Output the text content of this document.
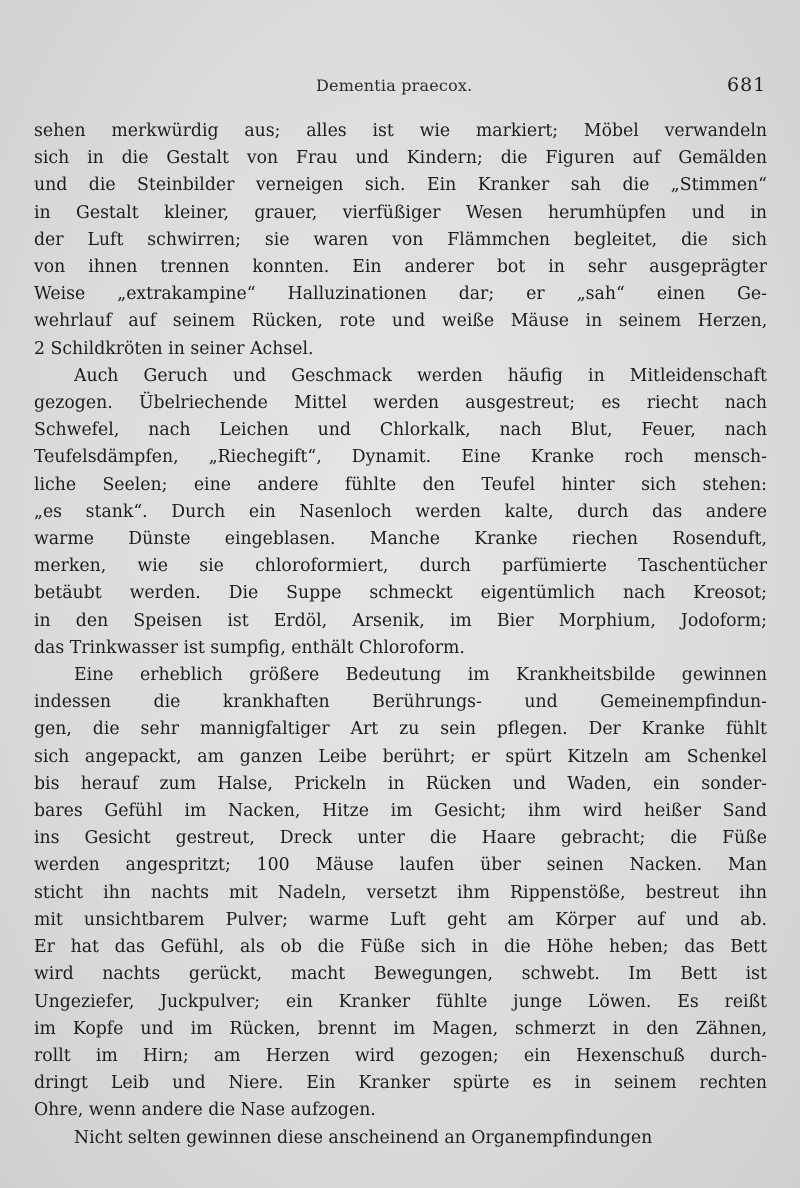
Dementia praecox.	681

sehen merkwürdig aus; alles ist wie markiert; Möbel verwandeln
sich in die Gestalt von Frau und Kindern; die Figuren auf Gemälden
und die Steinbilder verneigen sich. Ein Kranker sah die „Stimmen“
in Gestalt kleiner, grauer, vierfüßiger Wesen herumhüpfen und in
der Luft schwirren; sie waren von Flämmchen begleitet, die sich
von ihnen trennen konnten. Ein anderer bot in sehr ausgeprägter
Weise „extrakampine“ Halluzinationen dar; er „sah“ einen Ge-
wehrlauf auf seinem Rücken, rote und weiße Mäuse in seinem Herzen,
2 Schildkröten in seiner Achsel.

Auch Geruch und Geschmack werden häufig in Mitleidenschaft
gezogen. Übelriechende Mittel werden ausgestreut; es riecht nach
Schwefel, nach Leichen und Chlorkalk, nach Blut, Feuer, nach
Teufelsdämpfen, „Riechegift“, Dynamit. Eine Kranke roch mensch-
liche Seelen; eine andere fühlte den Teufel hinter sich stehen:
„es stank“. Durch ein Nasenloch werden kalte, durch das andere
warme Dünste eingeblasen. Manche Kranke riechen Rosenduft,
merken, wie sie chloroformiert, durch parfümierte Taschentücher
betäubt werden. Die Suppe schmeckt eigentümlich nach Kreosot;
in den Speisen ist Erdöl, Arsenik, im Bier Morphium, Jodoform;
das Trinkwasser ist sumpfig, enthält Chloroform.

Eine erheblich größere Bedeutung im Krankheitsbilde gewinnen
indessen die krankhaften Berührungs- und Gemeinempfindun-
gen, die sehr mannigfaltiger Art zu sein pflegen. Der Kranke fühlt
sich angepackt, am ganzen Leibe berührt; er spürt Kitzeln am Schenkel
bis herauf zum Halse, Prickeln in Rücken und Waden, ein sonder-
bares Gefühl im Nacken, Hitze im Gesicht; ihm wird heißer Sand
ins Gesicht gestreut, Dreck unter die Haare gebracht; die Füße
werden angespritzt; 100 Mäuse laufen über seinen Nacken. Man
sticht ihn nachts mit Nadeln, versetzt ihm Rippenstöße, bestreut ihn
mit unsichtbarem Pulver; warme Luft geht am Körper auf und ab.
Er hat das Gefühl, als ob die Füße sich in die Höhe heben; das Bett
wird nachts gerückt, macht Bewegungen, schwebt. Im Bett ist
Ungeziefer, Juckpulver; ein Kranker fühlte junge Löwen. Es reißt
im Kopfe und im Rücken, brennt im Magen, schmerzt in den Zähnen,
rollt im Hirn; am Herzen wird gezogen; ein Hexenschuß durch-
dringt Leib und Niere. Ein Kranker spürte es in seinem rechten
Ohre, wenn andere die Nase aufzogen.

Nicht selten gewinnen diese anscheinend an Organempfindungen
